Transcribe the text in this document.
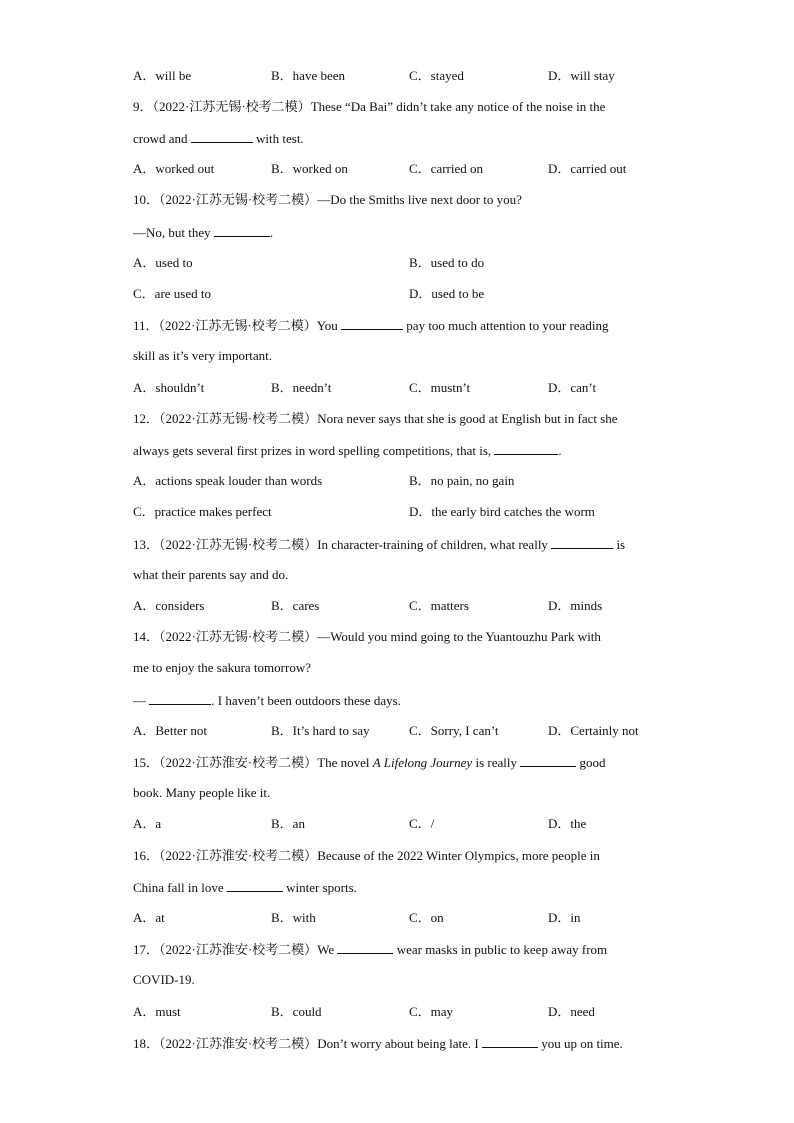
A．will be	B．have been	C．stayed	D．will stay
9．（2022·江苏无锡·校考二模）These “Da Bai” didn’t take any notice of the noise in the
crowd and	with test.
A．worked out	B．worked on	C．carried on	D．carried out
10．（2022·江苏无锡·校考二模）—Do the Smiths live next door to you?
—No, but they	.
A．used to	B．used to do
C．are used to	D．used to be
11．（2022·江苏无锡·校考二模）You	pay too much attention to your reading
skill as it’s very important.
A．shouldn’t	B．needn’t	C．mustn’t	D．can’t
12．（2022·江苏无锡·校考二模）Nora never says that she is good at English but in fact she
always gets several first prizes in word spelling competitions, that is,	.
A．actions speak louder than words	B．no pain, no gain
C．practice makes perfect	D．the early bird catches the worm
13．（2022·江苏无锡·校考二模）In character-training of children, what really	is
what their parents say and do.
A．considers	B．cares	C．matters	D．minds
14．（2022·江苏无锡·校考二模）—Would you mind going to the Yuantouzhu Park with
me to enjoy the sakura tomorrow?
—	. I haven’t been outdoors these days.
A．Better not	B．It’s hard to say	C．Sorry, I can’t	D．Certainly not
15．（2022·江苏淮安·校考二模）The novel A Lifelong Journey is really	good
book. Many people like it.
A．a	B．an	C．/	D．the
16．（2022·江苏淮安·校考二模）Because of the 2022 Winter Olympics, more people in
China fall in love	winter sports.
A．at	B．with	C．on	D．in
17．（2022·江苏淮安·校考二模）We	wear masks in public to keep away from
COVID-19.
A．must	B．could	C．may	D．need
18．（2022·江苏淮安·校考二模）Don’t worry about being late. I	you up on time.
